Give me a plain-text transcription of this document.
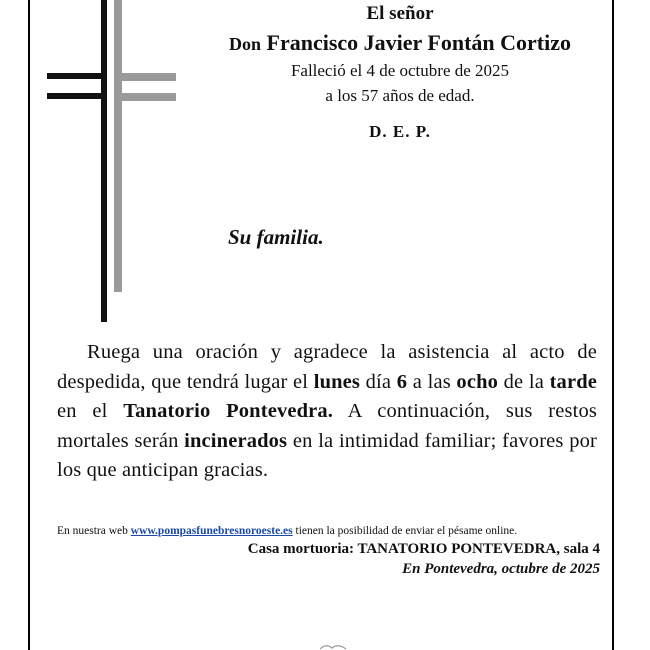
El señor
Don Francisco Javier Fontán Cortizo
Falleció el 4 de octubre de 2025
a los 57 años de edad.
D. E. P.
Su familia.
Ruega una oración y agradece la asistencia al acto de despedida, que tendrá lugar el lunes día 6 a las ocho de la tarde en el Tanatorio Pontevedra. A continuación, sus restos mortales serán incinerados en la intimidad familiar; favores por los que anticipan gracias.
En nuestra web www.pompasfunebresnoroeste.es tienen la posibilidad de enviar el pésame online.
Casa mortuoria: TANATORIO PONTEVEDRA, sala 4
En Pontevedra, octubre de 2025
